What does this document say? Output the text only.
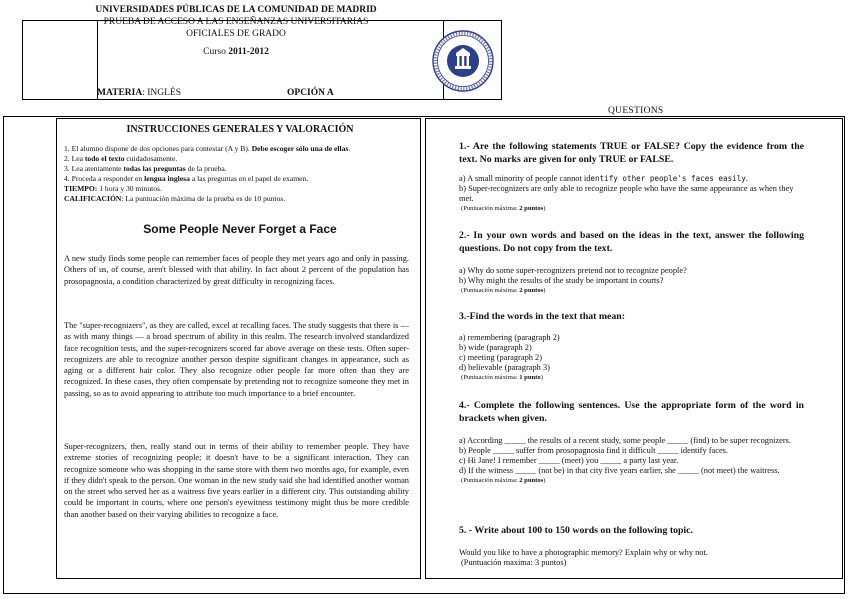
UNIVERSIDADES PÚBLICAS DE LA COMUNIDAD DE MADRID
PRUEBA DE ACCESO A LAS ENSEÑANZAS UNIVERSITARIAS
OFICIALES DE GRADO
Curso 2011-2012
MATERIA: INGLÉS	OPCIÓN A
QUESTIONS
INSTRUCCIONES GENERALES Y VALORACIÓN
1. El alumno dispone de dos opciones para contestar (A y B). Debe escoger sólo una de ellas.
2. Lea todo el texto cuidadosamente.
3. Lea atentamente todas las preguntas de la prueba.
4. Proceda a responder en lengua inglesa a las preguntas en el papel de examen.
TIEMPO: 1 hora y 30 minutos.
CALIFICACIÓN: La puntuación máxima de la prueba es de 10 puntos.
Some People Never Forget a Face
A new study finds some people can remember faces of people they met years ago and only in passing. Others of us, of course, aren't blessed with that ability. In fact about 2 percent of the population has prosopagnosia, a condition characterized by great difficulty in recognizing faces.
The "super-recognizers", as they are called, excel at recalling faces. The study suggests that there is — as with many things — a broad spectrum of ability in this realm. The research involved standardized face recognition tests, and the super-recognizers scored far above average on these tests. Often super-recognizers are able to recognize another person despite significant changes in appearance, such as aging or a different hair color. They also recognize other people far more often than they are recognized. In these cases, they often compensate by pretending not to recognize someone they met in passing, so as to avoid appearing to attribute too much importance to a brief encounter.
Super-recognizers, then, really stand out in terms of their ability to remember people. They have extreme stories of recognizing people; it doesn't have to be a significant interaction. They can recognize someone who was shopping in the same store with them two months ago, for example, even if they didn't speak to the person. One woman in the new study said she had identified another woman on the street who served her as a waitress five years earlier in a different city. This outstanding ability could be important in courts, where one person's eyewitness testimony might thus be more credible than another based on their varying abilities to recognize a face.
1.- Are the following statements TRUE or FALSE? Copy the evidence from the text. No marks are given for only TRUE or FALSE.
a) A small minority of people cannot identify other people's faces easily.
b) Super-recognizers are only able to recognize people who have the same appearance as when they met.
(Puntuación máxima: 2 puntos)
2.- In your own words and based on the ideas in the text, answer the following questions. Do not copy from the text.
a) Why do some super-recognizers pretend not to recognize people?
b) Why might the results of the study be important in courts?
(Puntuación máxima: 2 puntos)
3.-Find the words in the text that mean:
a) remembering (paragraph 2)
b) wide (paragraph 2)
c) meeting (paragraph 2)
d) believable (paragraph 3)
(Puntuación máxima: 1 punto)
4.- Complete the following sentences. Use the appropriate form of the word in brackets when given.
a) According _____ the results of a recent study, some people _____ (find) to be super recognizers.
b) People _____ suffer from prosopagnosia find it difficult _____ identify faces.
c) Hi Jane! I remember _____ (meet) you _____ a party last year.
d) If the witness _____ (not be) in that city five years earlier, she _____ (not meet) the waitress.
(Puntuación máxima: 2 puntos)
5. - Write about 100 to 150 words on the following topic.
Would you like to have a photographic memory? Explain why or why not.
(Puntuación maxima: 3 puntos)
